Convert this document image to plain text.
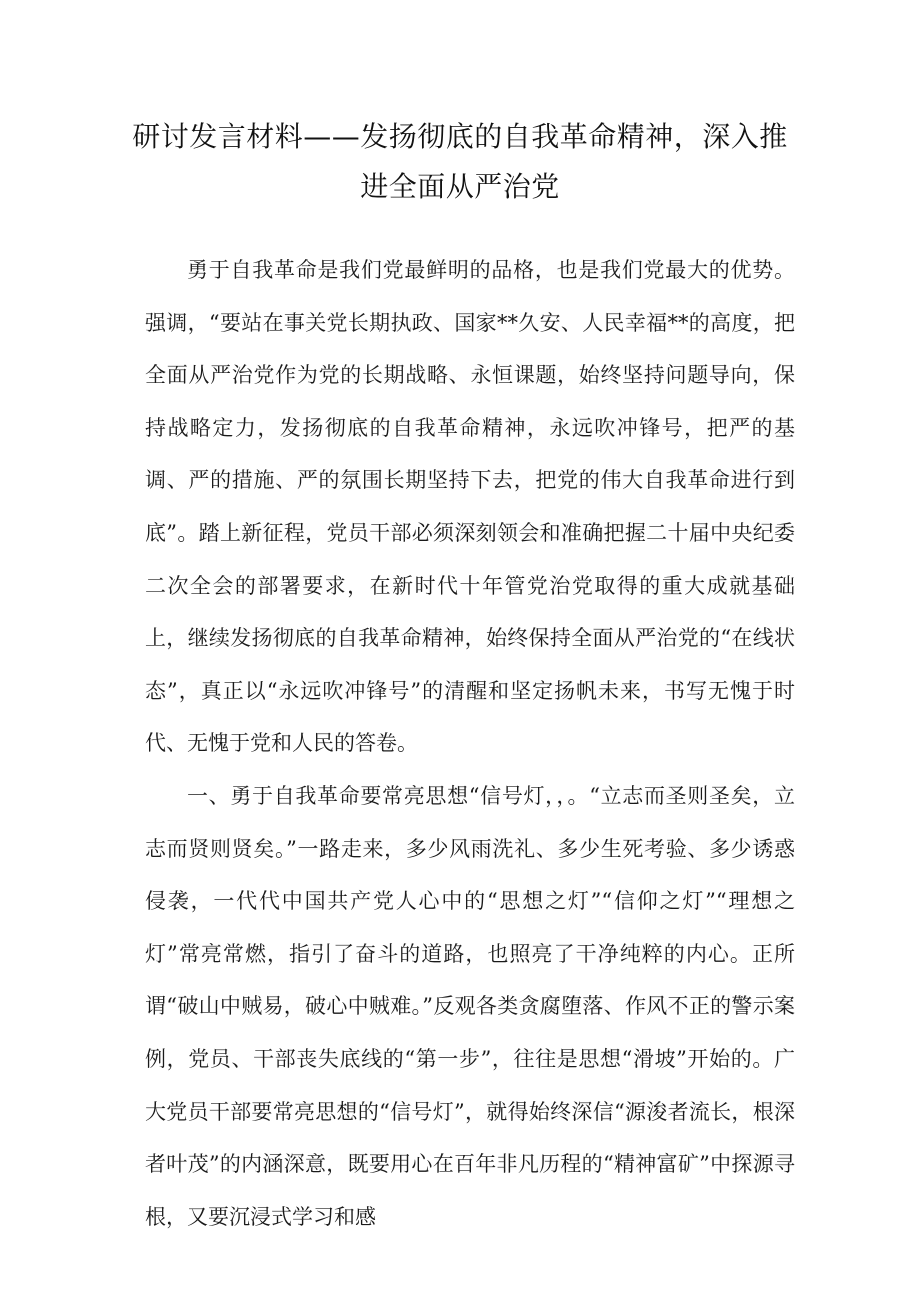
研讨发言材料——发扬彻底的自我革命精神，深入推进全面从严治党

勇于自我革命是我们党最鲜明的品格，也是我们党最大的优势。强调，“要站在事关党长期执政、国家**久安、人民幸福**的高度，把全面从严治党作为党的长期战略、永恒课题，始终坚持问题导向，保持战略定力，发扬彻底的自我革命精神，永远吹冲锋号，把严的基调、严的措施、严的氛围长期坚持下去，把党的伟大自我革命进行到底”。踏上新征程，党员干部必须深刻领会和准确把握二十届中央纪委二次全会的部署要求，在新时代十年管党治党取得的重大成就基础上，继续发扬彻底的自我革命精神，始终保持全面从严治党的“在线状态”，真正以“永远吹冲锋号”的清醒和坚定扬帆未来，书写无愧于时代、无愧于党和人民的答卷。

一、勇于自我革命要常亮思想“信号灯，，。“立志而圣则圣矣，立志而贤则贤矣。”一路走来，多少风雨洗礼、多少生死考验、多少诱惑侵袭，一代代中国共产党人心中的“思想之灯”“信仰之灯”“理想之灯”常亮常燃，指引了奋斗的道路，也照亮了干净纯粹的内心。正所谓“破山中贼易，破心中贼难。”反观各类贪腐堕落、作风不正的警示案例，党员、干部丧失底线的“第一步”，往往是思想“滑坡”开始的。广大党员干部要常亮思想的“信号灯”，就得始终深信“源浚者流长，根深者叶茂”的内涵深意，既要用心在百年非凡历程的“精神富矿”中探源寻根，又要沉浸式学习和感
